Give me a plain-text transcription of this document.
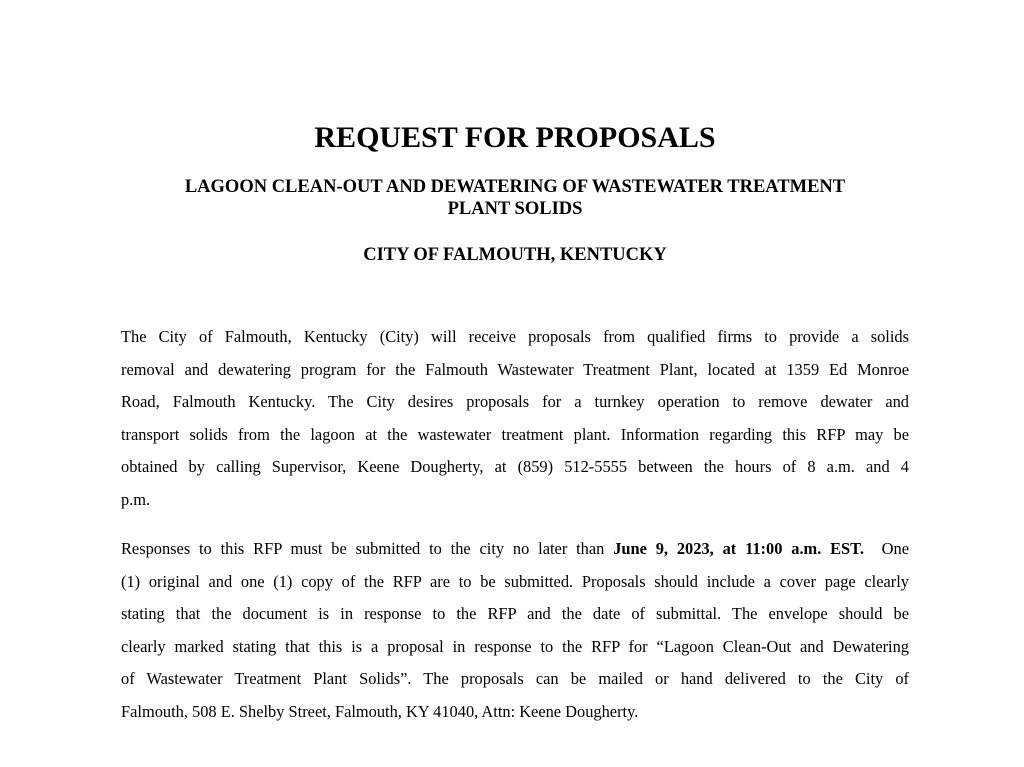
REQUEST FOR PROPOSALS
LAGOON CLEAN-OUT AND DEWATERING OF WASTEWATER TREATMENT
PLANT SOLIDS
CITY OF FALMOUTH, KENTUCKY
The City of Falmouth, Kentucky (City) will receive proposals from qualified firms to provide a solids
removal and dewatering program for the Falmouth Wastewater Treatment Plant, located at 1359 Ed Monroe
Road, Falmouth Kentucky. The City desires proposals for a turnkey operation to remove dewater and
transport solids from the lagoon at the wastewater treatment plant. Information regarding this RFP may be
obtained by calling Supervisor, Keene Dougherty, at (859) 512-5555 between the hours of 8 a.m. and 4
p.m.
Responses to this RFP must be submitted to the city no later than June 9, 2023, at 11:00 a.m. EST.  One
(1) original and one (1) copy of the RFP are to be submitted. Proposals should include a cover page clearly
stating that the document is in response to the RFP and the date of submittal. The envelope should be
clearly marked stating that this is a proposal in response to the RFP for “Lagoon Clean-Out and Dewatering
of Wastewater Treatment Plant Solids”. The proposals can be mailed or hand delivered to the City of
Falmouth, 508 E. Shelby Street, Falmouth, KY 41040, Attn: Keene Dougherty.
